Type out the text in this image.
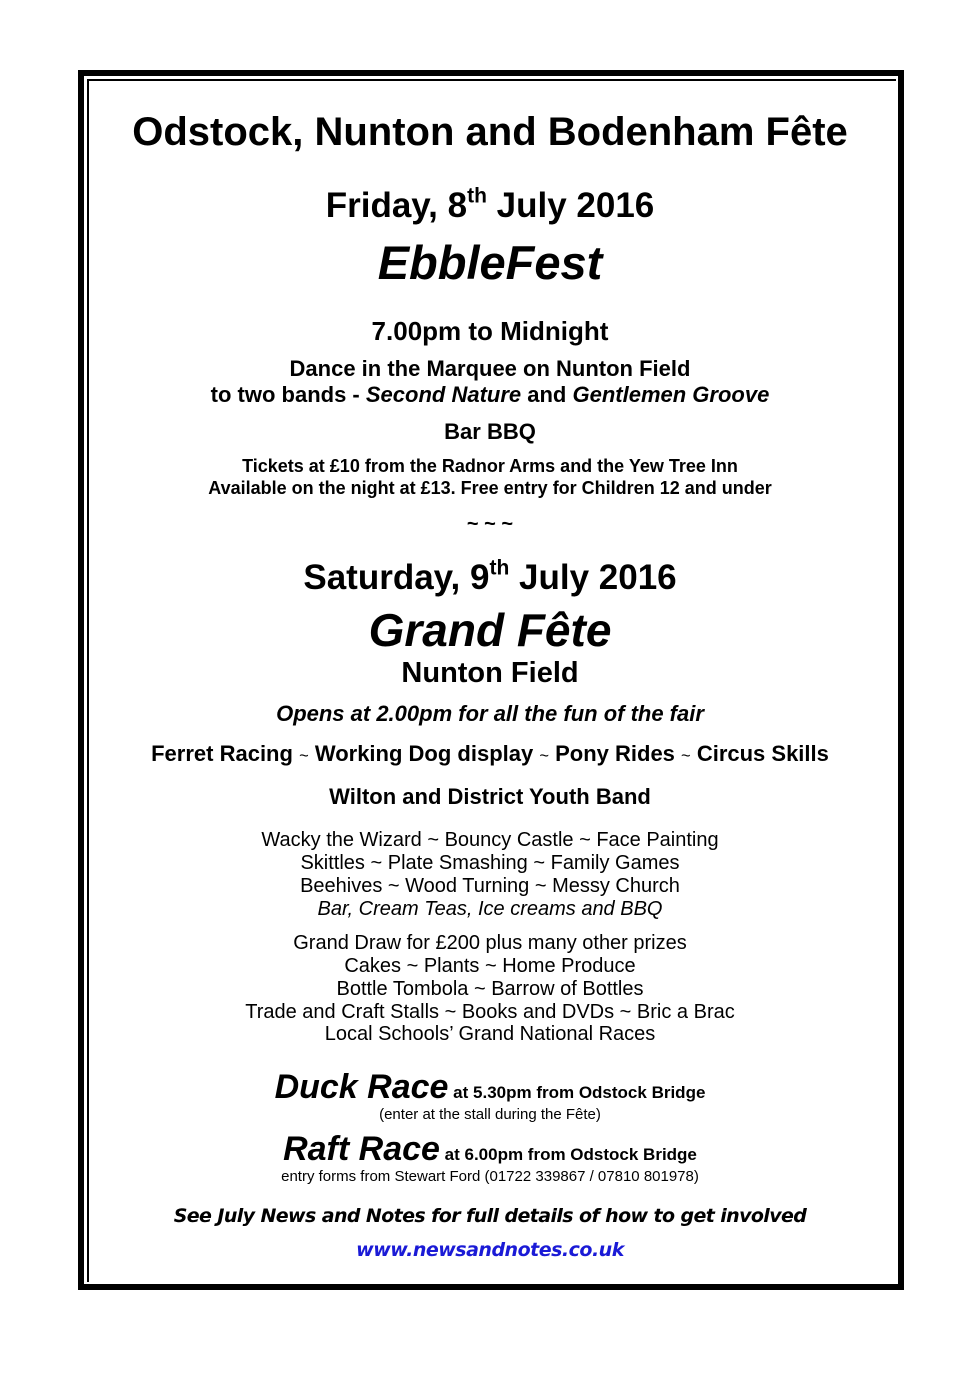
Odstock, Nunton and Bodenham Fête
Friday, 8th July 2016
EbbleFest
7.00pm to Midnight
Dance in the Marquee on Nunton Field
to two bands - Second Nature and Gentlemen Groove
Bar BBQ
Tickets at £10 from the Radnor Arms and the Yew Tree Inn
Available on the night at £13. Free entry for Children 12 and under
~ ~ ~
Saturday, 9th July 2016
Grand Fête
Nunton Field
Opens at 2.00pm for all the fun of the fair
Ferret Racing ~ Working Dog display ~ Pony Rides ~ Circus Skills
Wilton and District Youth Band
Wacky the Wizard ~ Bouncy Castle ~ Face Painting
Skittles ~ Plate Smashing ~ Family Games
Beehives ~ Wood Turning ~ Messy Church
Bar, Cream Teas, Ice creams and BBQ
Grand Draw for £200 plus many other prizes
Cakes ~ Plants ~ Home Produce
Bottle Tombola ~ Barrow of Bottles
Trade and Craft Stalls ~ Books and DVDs ~ Bric a Brac
Local Schools’ Grand National Races
Duck Race at 5.30pm from Odstock Bridge
(enter at the stall during the Fête)
Raft Race at 6.00pm from Odstock Bridge
entry forms from Stewart Ford (01722 339867 / 07810 801978)
See July News and Notes for full details of how to get involved
www.newsandnotes.co.uk
